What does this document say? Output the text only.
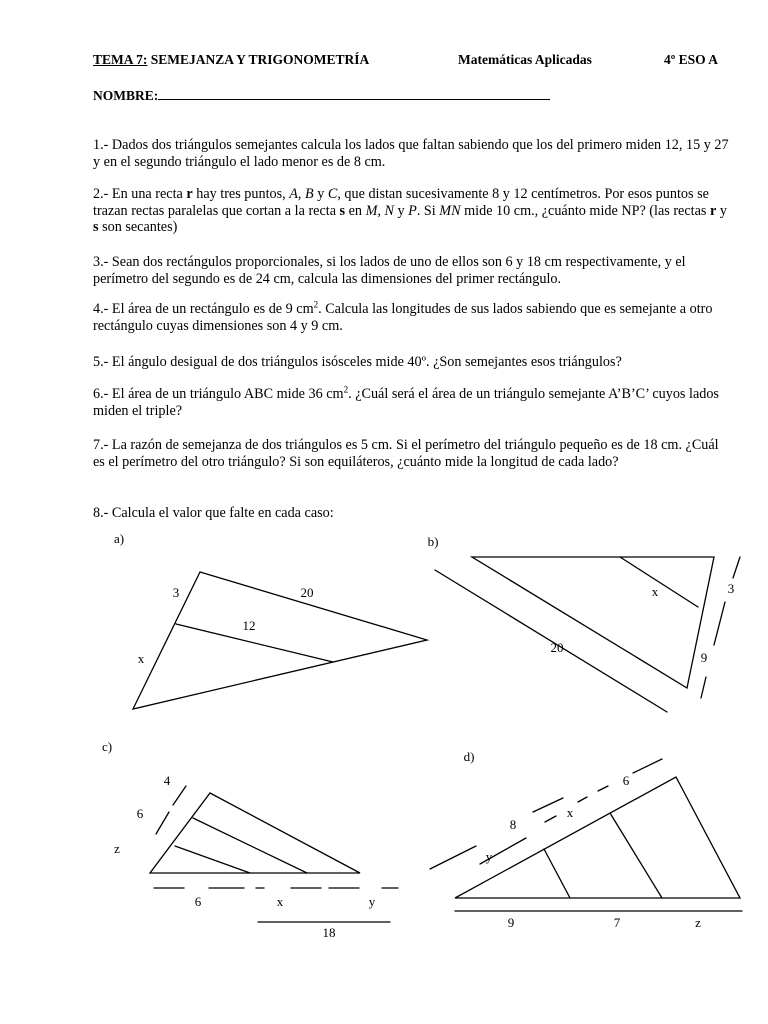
TEMA 7: SEMEJANZA Y TRIGONOMETRÍA	Matemáticas Aplicadas	4º ESO A
NOMBRE:

1.- Dados dos triángulos semejantes calcula los lados que faltan sabiendo que los del primero miden 12, 15 y 27 y en el segundo triángulo el lado menor es de 8 cm.

2.- En una recta r hay tres puntos, A, B y C, que distan sucesivamente 8 y 12 centímetros. Por esos puntos se trazan rectas paralelas que cortan a la recta s en M, N y P. Si MN mide 10 cm., ¿cuánto mide NP? (las rectas r y s son secantes)

3.- Sean dos rectángulos proporcionales, si los lados de uno de ellos son 6 y 18 cm respectivamente, y el perímetro del segundo es de 24 cm, calcula las dimensiones del primer rectángulo.

4.- El área de un rectángulo es de 9 $cm^2$. Calcula las longitudes de sus lados sabiendo que es semejante a otro rectángulo cuyas dimensiones son 4 y 9 cm.

5.- El ángulo desigual de dos triángulos isósceles mide 40º. ¿Son semejantes esos triángulos?

6.- El área de un triángulo ABC mide 36 $cm^2$. ¿Cuál será el área de un triángulo semejante A’B’C’ cuyos lados miden el triple?

7.- La razón de semejanza de dos triángulos es 5 cm. Si el perímetro del triángulo pequeño es de 18 cm. ¿Cuál es el perímetro del otro triángulo? Si son equiláteros, ¿cuánto mide la longitud de cada lado?

8.- Calcula el valor que falte en cada caso:

a)
3	20
12
x
b)
x	3
20
9
c)
4
6
z
6	x	y
18
d)
6
x
8
y
9	7	z
